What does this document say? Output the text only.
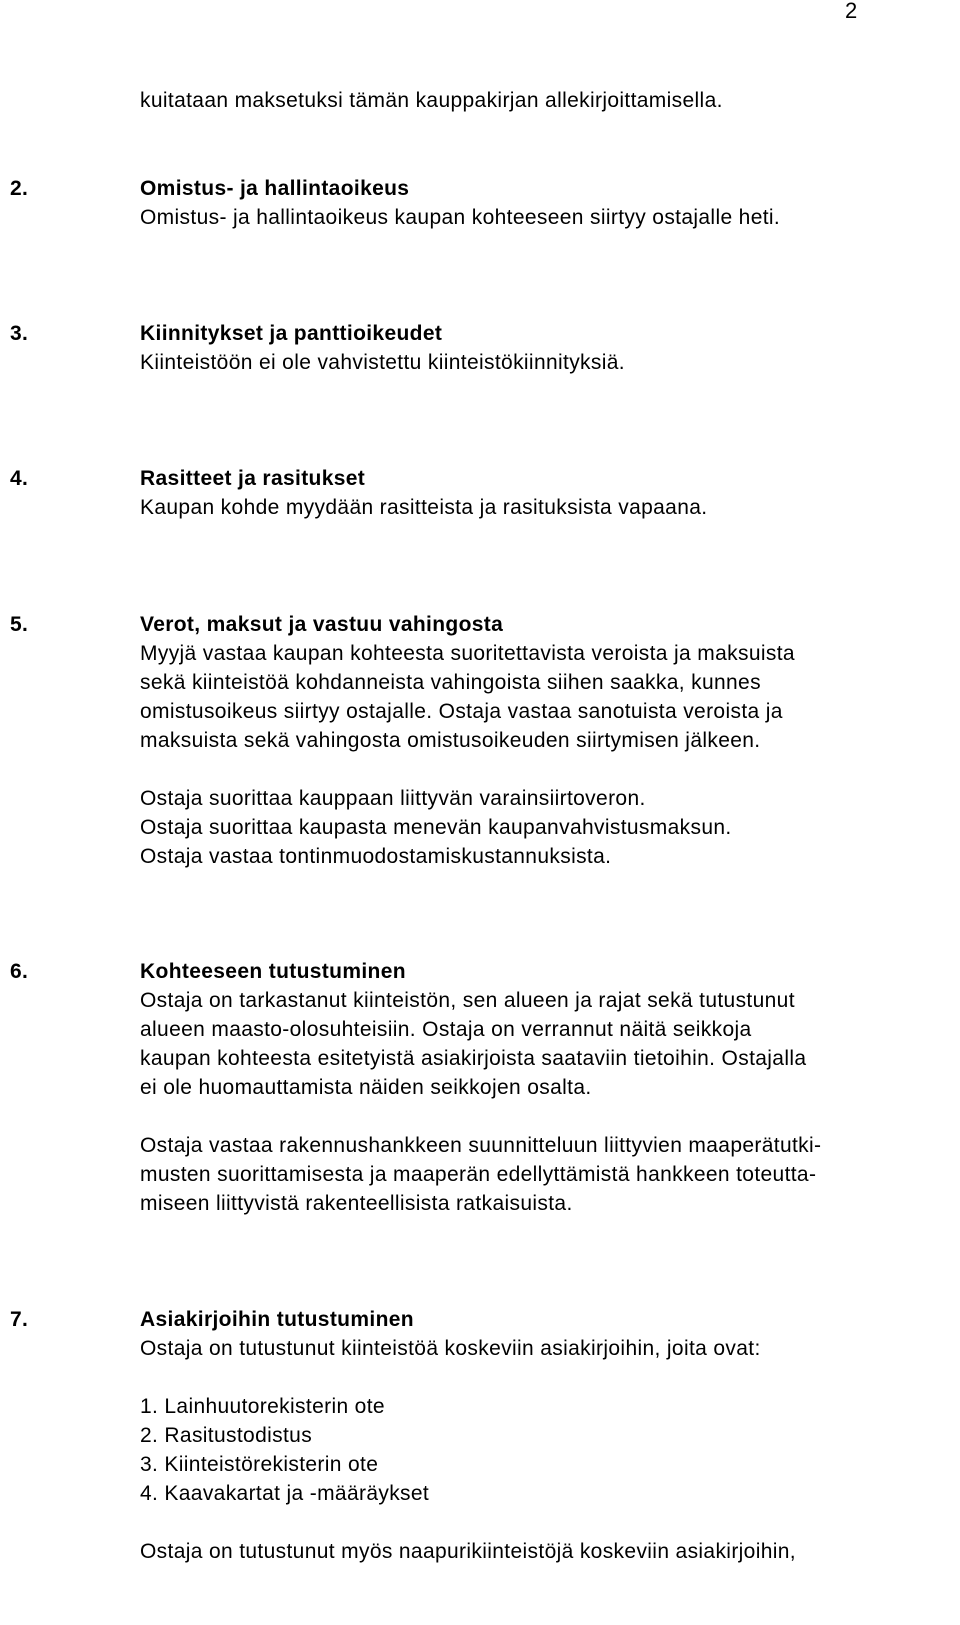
2
kuitataan maksetuksi tämän kauppakirjan allekirjoittamisella.
2.	Omistus- ja hallintaoikeus
Omistus- ja hallintaoikeus kaupan kohteeseen siirtyy ostajalle heti.
3.	Kiinnitykset ja panttioikeudet
Kiinteistöön ei ole vahvistettu kiinteistökiinnityksiä.
4.	Rasitteet ja rasitukset
Kaupan kohde myydään rasitteista ja rasituksista vapaana.
5.	Verot, maksut ja vastuu vahingosta
Myyjä vastaa kaupan kohteesta suoritettavista veroista ja maksuista
sekä kiinteistöä kohdanneista vahingoista siihen saakka, kunnes
omistusoikeus siirtyy ostajalle. Ostaja vastaa sanotuista veroista ja
maksuista sekä vahingosta omistusoikeuden siirtymisen jälkeen.
Ostaja suorittaa kauppaan liittyvän varainsiirtoveron.
Ostaja suorittaa kaupasta menevän kaupanvahvistusmaksun.
Ostaja vastaa tontinmuodostamiskustannuksista.
6.	Kohteeseen tutustuminen
Ostaja on tarkastanut kiinteistön, sen alueen ja rajat sekä tutustunut
alueen maasto-olosuhteisiin. Ostaja on verrannut näitä seikkoja
kaupan kohteesta esitetyistä asiakirjoista saataviin tietoihin. Ostajalla
ei ole huomauttamista näiden seikkojen osalta.
Ostaja vastaa rakennushankkeen suunnitteluun liittyvien maaperätutki-
musten suorittamisesta ja maaperän edellyttämistä hankkeen toteutta-
miseen liittyvistä rakenteellisista ratkaisuista.
7.	Asiakirjoihin tutustuminen
Ostaja on tutustunut kiinteistöä koskeviin asiakirjoihin, joita ovat:
1. Lainhuutorekisterin ote
2. Rasitustodistus
3. Kiinteistörekisterin ote
4. Kaavakartat ja -määräykset
Ostaja on tutustunut myös naapurikiinteistöjä koskeviin asiakirjoihin,
